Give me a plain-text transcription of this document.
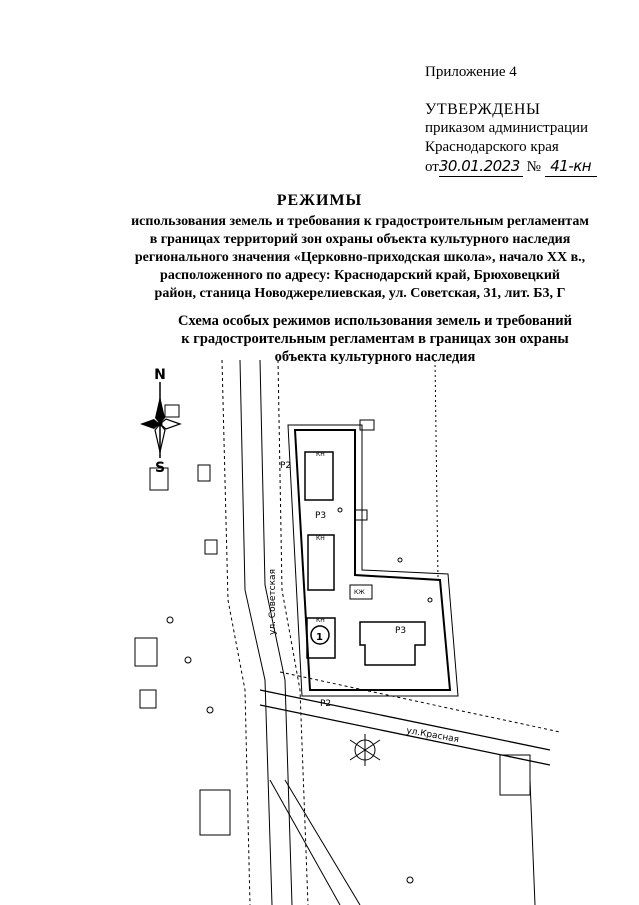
Приложение 4
УТВЕРЖДЕНЫ
приказом администрации
Краснодарского края
от30.01.2023 № 41-кн
РЕЖИМЫ
использования земель и требования к градостроительным регламентам
в границах территорий зон охраны объекта культурного наследия
регионального значения «Церковно-приходская школа», начало XX в.,
расположенного по адресу: Краснодарский край, Брюховецкий
район, станица Новоджерелиевская, ул. Советская, 31, лит. Б3, Г
Схема особых режимов использования земель и требований
к градостроительным регламентам в границах зон охраны
объекта культурного наследия
N
S	Р2
Р3
Р3
Р2
КН
КН
КН
КЖ
1
ул. Советская
ул.Красная
